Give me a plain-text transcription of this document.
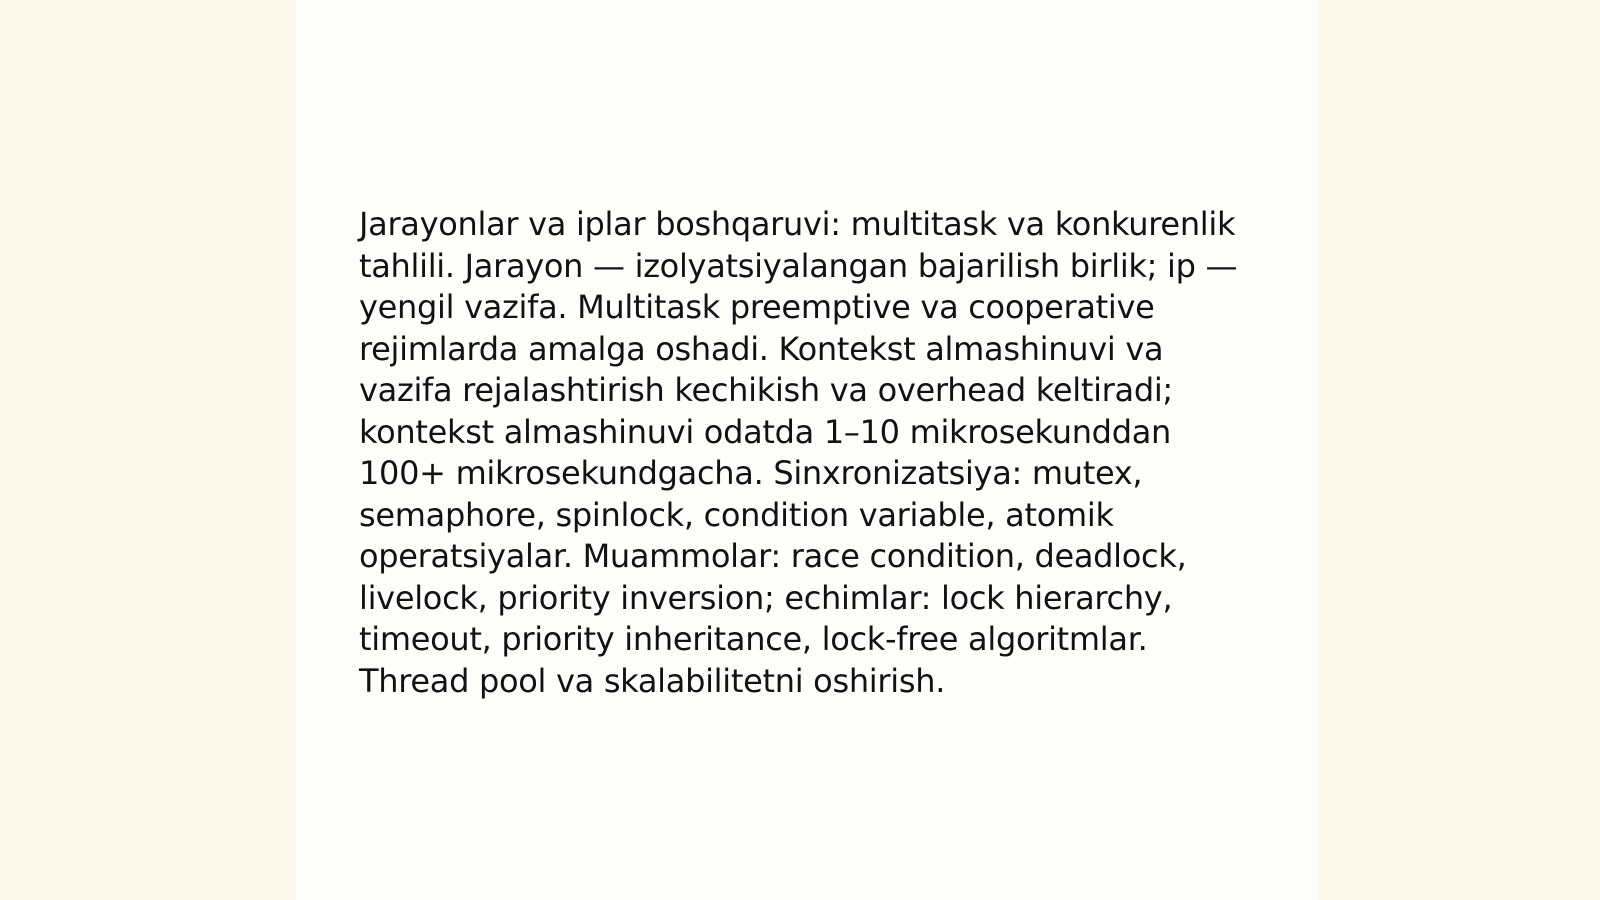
Jarayonlar va iplar boshqaruvi: multitask va konkurenlik tahlili. Jarayon — izolyatsiyalangan bajarilish birlik; ip — yengil vazifa. Multitask preemptive va cooperative rejimlarda amalga oshadi. Kontekst almashinuvi va vazifa rejalashtirish kechikish va overhead keltiradi; kontekst almashinuvi odatda 1–10 mikrosekunddan 100+ mikrosekundgacha. Sinxronizatsiya: mutex, semaphore, spinlock, condition variable, atomik operatsiyalar. Muammolar: race condition, deadlock, livelock, priority inversion; echimlar: lock hierarchy, timeout, priority inheritance, lock-free algoritmlar. Thread pool va skalabilitetni oshirish.
